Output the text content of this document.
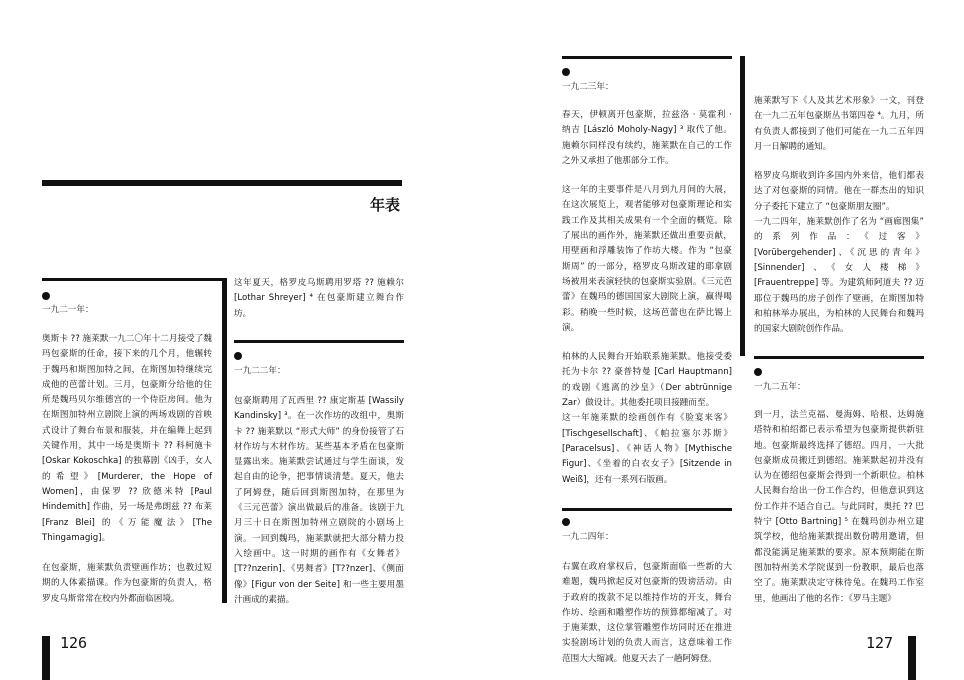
年表
一九二一年：

奥斯卡 ?? 施莱默一九二〇年十二月接受了魏玛包豪斯的任命，接下来的几个月，他辗转于魏玛和斯图加特之间，在斯图加特继续完成他的芭蕾计划。三月，包豪斯分给他的住所是魏玛贝尔维德宫的一个侍臣房间。他为在斯图加特州立剧院上演的两场戏剧的首映式设计了舞台布景和服装，并在编舞上起到关键作用，其中一场是奥斯卡 ?? 科柯施卡 [Oskar Kokoschka] 的独幕剧《凶手，女人的希望》[Murderer, the Hope of Women]，由保罗 ?? 欣德米特 [Paul Hindemith] 作曲，另一场是弗朗兹 ?? 布莱 [Franz Blei] 的《万能魔法》[The Thingamagig]。

在包豪斯，施莱默负责壁画作坊；也教过短期的人体素描课。作为包豪斯的负责人，格罗皮乌斯常常在校内外都面临困境。

这年夏天，格罗皮乌斯聘用罗塔 ?? 施赖尔 [Lothar Shreyer] ⁴ 在包豪斯建立舞台作坊。

一九二二年：

包豪斯聘用了瓦西里 ?? 康定斯基 [Wassily Kandinsky] ³。在一次作坊的改组中，奥斯卡 ?? 施莱默以 “形式大师” 的身份接管了石材作坊与木材作坊。某些基本矛盾在包豪斯显露出来。施莱默尝试通过与学生面谈，发起自由的论争，把事情谈清楚。夏天，他去了阿姆登，随后回到斯图加特，在那里为《三元芭蕾》演出做最后的准备。该剧于九月三十日在斯图加特州立剧院的小剧场上演。一回到魏玛，施莱默就把大部分精力投入绘画中。这一时期的画作有《女舞者》[T??nzerin]、《男舞者》[T??nzer]、《侧面像》[Figur von der Seite] 和一些主要用墨汁画成的素描。

126
一九二三年：

春天，伊顿离开包豪斯，拉兹洛 · 莫霍利 · 纳吉 [László Moholy-Nagy] ³ 取代了他。施赖尔同样没有续约，施莱默在自己的工作之外又承担了他那部分工作。

这一年的主要事件是八月到九月间的大展，在这次展览上，观者能够对包豪斯理论和实践工作及其相关成果有一个全面的概览。除了展出的画作外，施莱默还做出重要贡献，用壁画和浮雕装饰了作坊大楼。作为 “包豪斯周” 的一部分，格罗皮乌斯改建的耶拿剧场被用来表演轻快的包豪斯实验剧。《三元芭蕾》在魏玛的德国国家大剧院上演，赢得喝彩。稍晚一些时候，这场芭蕾也在萨比锡上演。

柏林的人民舞台开始联系施莱默。他接受委托为卡尔 ?? 豪普特曼 [Carl Hauptmann] 的戏剧《逃离的沙皇》（Der abtrünnige Zar）做设计。其他委托项目接踵而至。

这一年施莱默的绘画创作有《脸宴来客》[Tischgesellschaft]、《帕拉塞尔苏斯》[Paracelsus]、《神话人物》[Mythische Figur]、《坐着的白衣女子》[Sitzende in Weiß]，还有一系列石版画。

一九二四年：

右翼在政府掌权后，包豪斯面临一些新的大难题，魏玛掀起反对包豪斯的毁谤活动。由于政府的拨款不足以维持作坊的开支，舞台作坊、绘画和雕塑作坊的预算都缩减了。对于施莱默，这位掌管雕塑作坊同时还在推进实验剧场计划的负责人而言，这意味着工作范围大大缩减。他夏天去了一趟阿姆登。

施莱默写下《人及其艺术形象》一文，刊登在一九二五年包豪斯丛书第四卷 ⁴。九月，所有负责人都接到了他们可能在一九二五年四月一日解聘的通知。

格罗皮乌斯收到许多国内外来信，他们都表达了对包豪斯的同情。他在一群杰出的知识分子委托下建立了 “包豪斯朋友圈”。

一九二四年，施莱默创作了名为 “画廊图集” 的系列作品：《过客》[Vorübergehender]、《沉思的青年》[Sinnender]、《女人楼梯》[Frauentreppe] 等。为建筑师阿道夫 ?? 迈耶位于魏玛的房子创作了壁画，在斯图加特和柏林举办展出，为柏林的人民舞台和魏玛的国家大剧院创作作品。

一九二五年：

到一月，法兰克福、曼海姆、哈根、达姆施塔特和柏绍都已表示希望为包豪斯提供新驻地。包豪斯最终选择了德绍。四月，一大批包豪斯成员搬迁到德绍。施莱默起初并没有认为在德绍包豪斯会得到一个新职位。柏林人民舞台给出一份工作合约，但他意识到这份工作并不适合自己。与此同时，奥托 ?? 巴特宁 [Otto Bartning] ⁵ 在魏玛创办州立建筑学校，他给施莱默提出数份聘用邀请，但都没能满足施莱默的要求。原本预期能在斯图加特州美术学院谋到一份教职，最后也落空了。施莱默决定守株待兔。在魏玛工作室里，他画出了他的名作：《罗马主题》

127
